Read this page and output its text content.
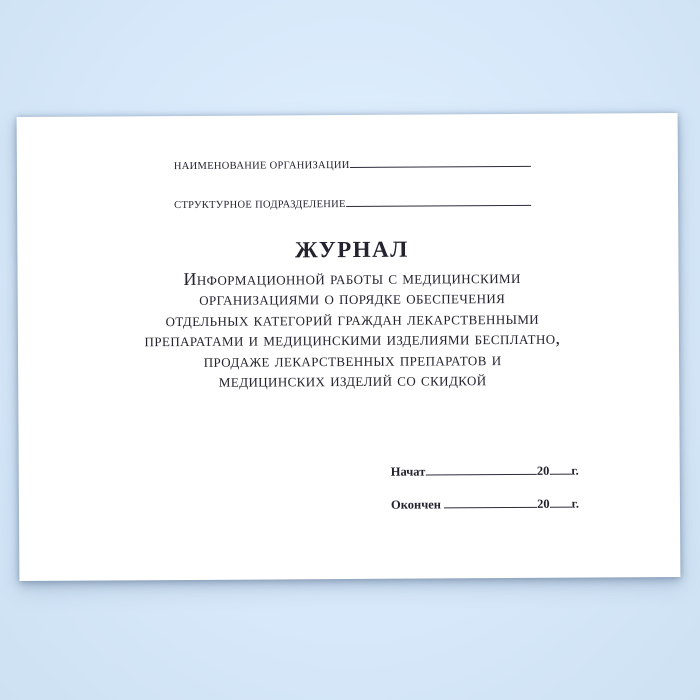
НАИМЕНОВАНИЕ ОРГАНИЗАЦИИ
СТРУКТУРНОЕ ПОДРАЗДЕЛЕНИЕ
ЖУРНАЛ
Информационной работы с медицинскими
организациями о порядке обеспечения
отдельных категорий граждан лекарственными
препаратами и медицинскими изделиями бесплатно,
продаже лекарственных препаратов и
медицинских изделий со скидкой
Начат	20 г.
Окончен	20 г.
